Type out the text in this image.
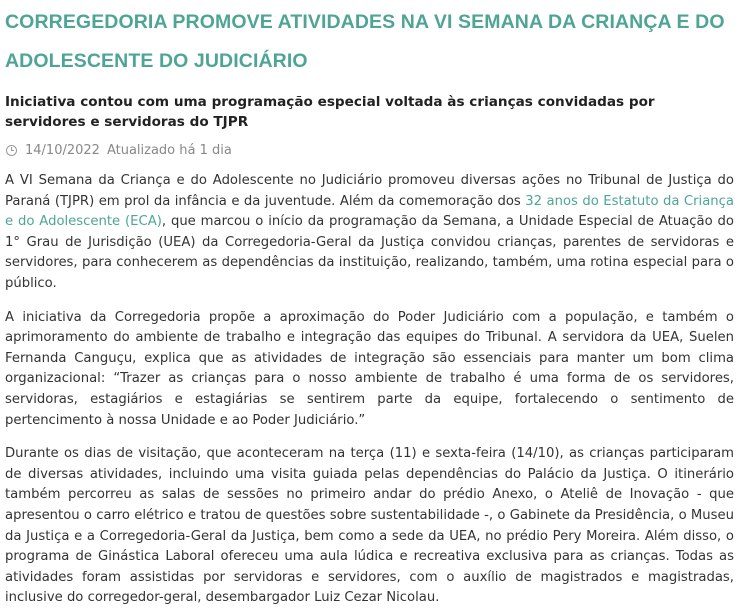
CORREGEDORIA PROMOVE ATIVIDADES NA VI SEMANA DA CRIANÇA E DO ADOLESCENTE DO JUDICIÁRIO
Iniciativa contou com uma programação especial voltada às crianças convidadas por servidores e servidoras do TJPR
14/10/2022 Atualizado há 1 dia

A VI Semana da Criança e do Adolescente no Judiciário promoveu diversas ações no Tribunal de Justiça do Paraná (TJPR) em prol da infância e da juventude. Além da comemoração dos 32 anos do Estatuto da Criança e do Adolescente (ECA), que marcou o início da programação da Semana, a Unidade Especial de Atuação do 1° Grau de Jurisdição (UEA) da Corregedoria-Geral da Justiça convidou crianças, parentes de servidoras e servidores, para conhecerem as dependências da instituição, realizando, também, uma rotina especial para o público.

A iniciativa da Corregedoria propõe a aproximação do Poder Judiciário com a população, e também o aprimoramento do ambiente de trabalho e integração das equipes do Tribunal. A servidora da UEA, Suelen Fernanda Canguçu, explica que as atividades de integração são essenciais para manter um bom clima organizacional: “Trazer as crianças para o nosso ambiente de trabalho é uma forma de os servidores, servidoras, estagiários e estagiárias se sentirem parte da equipe, fortalecendo o sentimento de pertencimento à nossa Unidade e ao Poder Judiciário.”

Durante os dias de visitação, que aconteceram na terça (11) e sexta-feira (14/10), as crianças participaram de diversas atividades, incluindo uma visita guiada pelas dependências do Palácio da Justiça. O itinerário também percorreu as salas de sessões no primeiro andar do prédio Anexo, o Ateliê de Inovação - que apresentou o carro elétrico e tratou de questões sobre sustentabilidade -, o Gabinete da Presidência, o Museu da Justiça e a Corregedoria-Geral da Justiça, bem como a sede da UEA, no prédio Pery Moreira. Além disso, o programa de Ginástica Laboral ofereceu uma aula lúdica e recreativa exclusiva para as crianças. Todas as atividades foram assistidas por servidoras e servidores, com o auxílio de magistrados e magistradas, inclusive do corregedor-geral, desembargador Luiz Cezar Nicolau.
